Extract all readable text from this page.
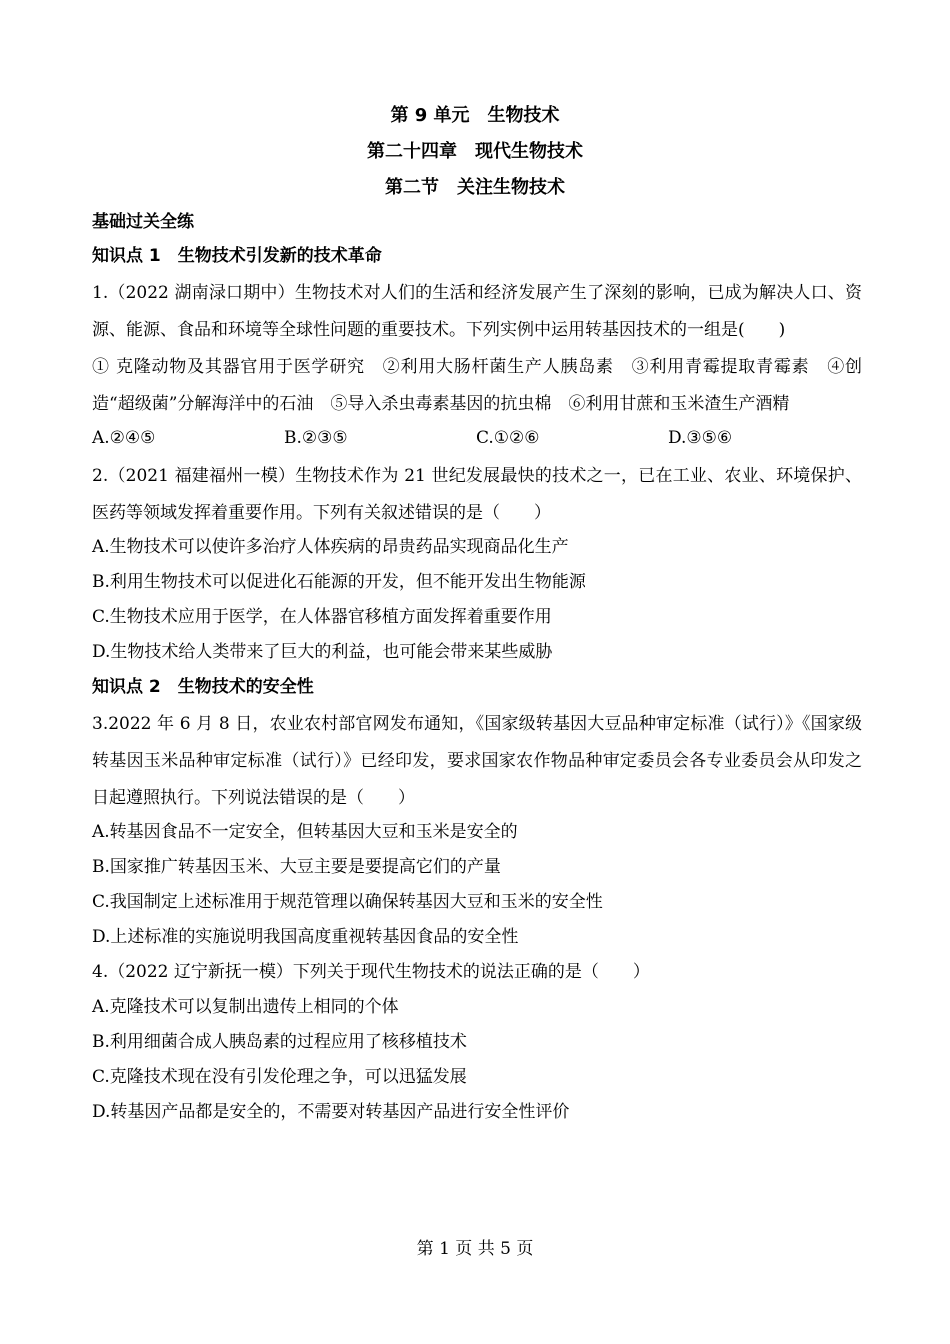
第 9 单元　生物技术
第二十四章　现代生物技术
第二节　关注生物技术
基础过关全练
知识点 1　生物技术引发新的技术革命

1.（2022 湖南渌口期中）生物技术对人们的生活和经济发展产生了深刻的影响，已成为解决人口、资源、能源、食品和环境等全球性问题的重要技术。下列实例中运用转基因技术的一组是(　　)

① 克隆动物及其器官用于医学研究　②利用大肠杆菌生产人胰岛素　③利用青霉提取青霉素　④创造“超级菌”分解海洋中的石油　⑤导入杀虫毒素基因的抗虫棉　⑥利用甘蔗和玉米渣生产酒精

A.②④⑤	B.②③⑤	C.①②⑥	D.③⑤⑥

2.（2021 福建福州一模）生物技术作为 21 世纪发展最快的技术之一，已在工业、农业、环境保护、医药等领域发挥着重要作用。下列有关叙述错误的是（　　）

A.生物技术可以使许多治疗人体疾病的昂贵药品实现商品化生产
B.利用生物技术可以促进化石能源的开发，但不能开发出生物能源
C.生物技术应用于医学，在人体器官移植方面发挥着重要作用
D.生物技术给人类带来了巨大的利益，也可能会带来某些威胁
知识点 2　生物技术的安全性

3.2022 年 6 月 8 日，农业农村部官网发布通知，《国家级转基因大豆品种审定标准（试行）》《国家级转基因玉米品种审定标准（试行）》已经印发，要求国家农作物品种审定委员会各专业委员会从印发之日起遵照执行。下列说法错误的是（　　）

A.转基因食品不一定安全，但转基因大豆和玉米是安全的
B.国家推广转基因玉米、大豆主要是要提高它们的产量
C.我国制定上述标准用于规范管理以确保转基因大豆和玉米的安全性
D.上述标准的实施说明我国高度重视转基因食品的安全性
4.（2022 辽宁新抚一模）下列关于现代生物技术的说法正确的是（　　）
A.克隆技术可以复制出遗传上相同的个体
B.利用细菌合成人胰岛素的过程应用了核移植技术
C.克隆技术现在没有引发伦理之争，可以迅猛发展
D.转基因产品都是安全的，不需要对转基因产品进行安全性评价
第 1 页 共 5 页
